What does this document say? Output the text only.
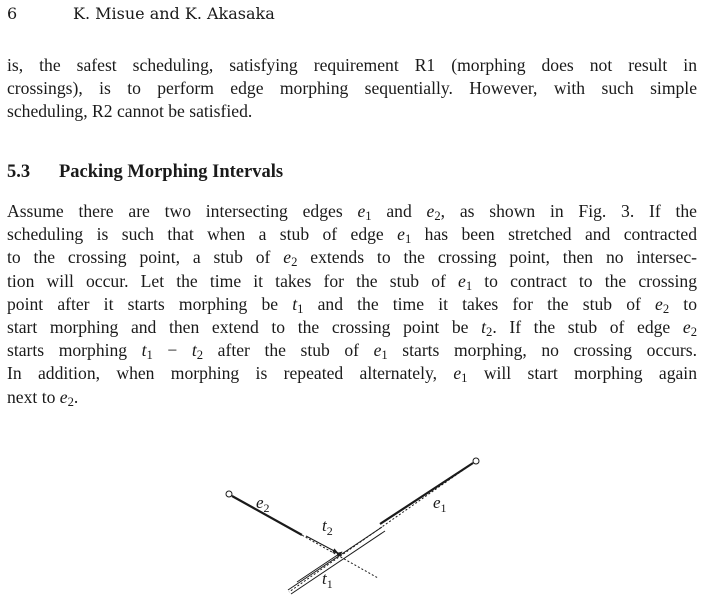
6	K. Misue and K. Akasaka
is, the safest scheduling, satisfying requirement R1 (morphing does not result in
crossings), is to perform edge morphing sequentially. However, with such simple
scheduling, R2 cannot be satisfied.
5.3 Packing Morphing Intervals
Assume there are two intersecting edges $e_1$ and $e_2$, as shown in Fig. 3. If the
scheduling is such that when a stub of edge $e_1$ has been stretched and contracted
to the crossing point, a stub of $e_2$ extends to the crossing point, then no intersec-
tion will occur. Let the time it takes for the stub of $e_1$ to contract to the crossing
point after it starts morphing be $t_1$ and the time it takes for the stub of $e_2$ to
start morphing and then extend to the crossing point be $t_2$. If the stub of edge $e_2$
starts morphing $t_1 - t_2$ after the stub of $e_1$ starts morphing, no crossing occurs.
In addition, when morphing is repeated alternately, $e_1$ will start morphing again
next to $e_2$.
$e_2$	$e_1$
$t_2$
$t_1$
